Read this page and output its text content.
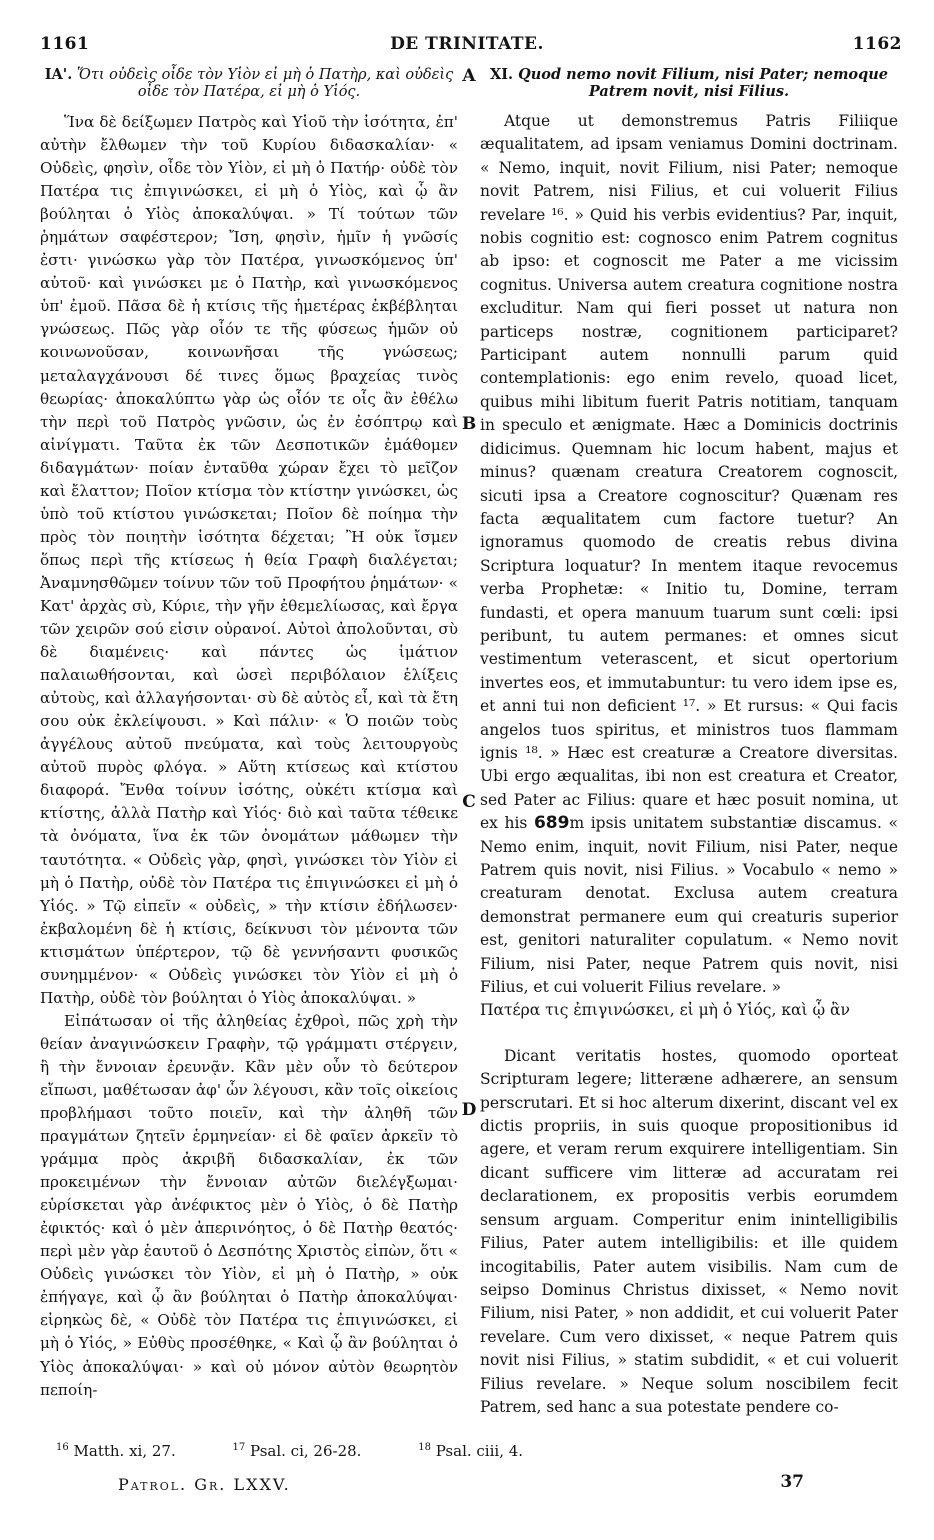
1161	DE TRINITATE.	1162
ΙΑ'. Ὅτι οὐδεὶς οἶδε τὸν Υἱὸν εἰ μὴ ὁ Πατὴρ, καὶ οὐδεὶς οἶδε τὸν Πατέρα, εἰ μὴ ὁ Υἱός.

Ἵνα δὲ δείξωμεν Πατρὸς καὶ Υἱοῦ τὴν ἰσότητα, ἐπ' αὐτὴν ἔλθωμεν τὴν τοῦ Κυρίου διδασκαλίαν· « Οὐδεὶς, φησὶν, οἶδε τὸν Υἱὸν, εἰ μὴ ὁ Πατήρ· οὐδὲ τὸν Πατέρα τις ἐπιγινώσκει, εἰ μὴ ὁ Υἱὸς, καὶ ᾧ ἂν βούληται ὁ Υἱὸς ἀποκαλύψαι. » Τί τούτων τῶν ῥημάτων σαφέστερον; Ἴση, φησὶν, ἡμῖν ἡ γνῶσίς ἐστι· γινώσκω γὰρ τὸν Πατέρα, γινωσκόμενος ὑπ' αὐτοῦ· καὶ γινώσκει με ὁ Πατὴρ, καὶ γινωσκόμενος ὑπ' ἐμοῦ. Πᾶσα δὲ ἡ κτίσις τῆς ἡμετέρας ἐκβέβληται γνώσεως. Πῶς γὰρ οἷόν τε τῆς φύσεως ἡμῶν οὐ κοινωνοῦσαν, κοινωνῆσαι τῆς γνώσεως; μεταλαγχάνουσι δέ τινες ὅμως βραχείας τινὸς θεωρίας· ἀποκαλύπτω γὰρ ὡς οἷόν τε οἷς ἂν ἐθέλω τὴν περὶ τοῦ Πατρὸς γνῶσιν, ὡς ἐν ἐσόπτρῳ καὶ αἰνίγματι. Ταῦτα ἐκ τῶν Δεσποτικῶν ἐμάθομεν διδαγμάτων· ποίαν ἐνταῦθα χώραν ἔχει τὸ μεῖζον καὶ ἔλαττον; Ποῖον κτίσμα τὸν κτίστην γινώσκει, ὡς ὑπὸ τοῦ κτίστου γινώσκεται; Ποῖον δὲ ποίημα τὴν πρὸς τὸν ποιητὴν ἰσότητα δέχεται; Ἢ οὐκ ἴσμεν ὅπως περὶ τῆς κτίσεως ἡ θεία Γραφὴ διαλέγεται; Ἀναμνησθῶμεν τοίνυν τῶν τοῦ Προφήτου ῥημάτων· « Κατ' ἀρχὰς σὺ, Κύριε, τὴν γῆν ἐθεμελίωσας, καὶ ἔργα τῶν χειρῶν σού εἰσιν οὐρανοί. Αὐτοὶ ἀπολοῦνται, σὺ δὲ διαμένεις· καὶ πάντες ὡς ἱμάτιον παλαιωθήσονται, καὶ ὡσεὶ περιβόλαιον ἑλίξεις αὐτοὺς, καὶ ἀλλαγήσονται· σὺ δὲ αὐτὸς εἶ, καὶ τὰ ἔτη σου οὐκ ἐκλείψουσι. » Καὶ πάλιν· « Ὁ ποιῶν τοὺς ἀγγέλους αὐτοῦ πνεύματα, καὶ τοὺς λειτουργοὺς αὐτοῦ πυρὸς φλόγα. » Αὕτη κτίσεως καὶ κτίστου διαφορά. Ἔνθα τοίνυν ἰσότης, οὐκέτι κτίσμα καὶ κτίστης, ἀλλὰ Πατὴρ καὶ Υἱός· διὸ καὶ ταῦτα τέθεικε τὰ ὀνόματα, ἵνα ἐκ τῶν ὀνομάτων μάθωμεν τὴν ταυτότητα. « Οὐδεὶς γὰρ, φησὶ, γινώσκει τὸν Υἱὸν εἰ μὴ ὁ Πατὴρ, οὐδὲ τὸν Πατέρα τις ἐπιγινώσκει εἰ μὴ ὁ Υἱός. » Τῷ εἰπεῖν « οὐδεὶς, » τὴν κτίσιν ἐδήλωσεν· ἐκβαλομένη δὲ ἡ κτίσις, δείκνυσι τὸν μένοντα τῶν κτισμάτων ὑπέρτερον, τῷ δὲ γεννήσαντι φυσικῶς συνημμένον· « Οὐδεὶς γινώσκει τὸν Υἱὸν εἰ μὴ ὁ Πατὴρ, οὐδὲ τὸν βούληται ὁ Υἱὸς ἀποκαλύψαι. »

Εἰπάτωσαν οἱ τῆς ἀληθείας ἐχθροὶ, πῶς χρὴ τὴν θείαν ἀναγινώσκειν Γραφὴν, τῷ γράμματι στέργειν, ἢ τὴν ἔννοιαν ἐρευνᾷν. Κἂν μὲν οὖν τὸ δεύτερον εἴπωσι, μαθέτωσαν ἀφ' ὧν λέγουσι, κἂν τοῖς οἰκείοις προβλήμασι τοῦτο ποιεῖν, καὶ τὴν ἀληθῆ τῶν πραγμάτων ζητεῖν ἑρμηνείαν· εἰ δὲ φαῖεν ἀρκεῖν τὸ γράμμα πρὸς ἀκριβῆ διδασκαλίαν, ἐκ τῶν προκειμένων τὴν ἔννοιαν αὐτῶν διελέγξωμαι· εὑρίσκεται γὰρ ἀνέφικτος μὲν ὁ Υἱὸς, ὁ δὲ Πατὴρ ἐφικτός· καὶ ὁ μὲν ἀπερινόητος, ὁ δὲ Πατὴρ θεατός· περὶ μὲν γὰρ ἑαυτοῦ ὁ Δεσπότης Χριστὸς εἰπὼν, ὅτι « Οὐδεὶς γινώσκει τὸν Υἱὸν, εἰ μὴ ὁ Πατὴρ, » οὐκ ἐπήγαγε, καὶ ᾧ ἂν βούληται ὁ Πατὴρ ἀποκαλύψαι· εἰρηκὼς δὲ, « Οὐδὲ τὸν Πατέρα τις ἐπιγινώσκει, εἰ μὴ ὁ Υἱός, » Εὐθὺς προσέθηκε, « Καὶ ᾧ ἂν βούληται ὁ Υἱὸς ἀποκαλύψαι· » καὶ οὐ μόνον αὐτὸν θεωρητὸν πεποίη-

A
B
C
D
XI. Quod nemo novit Filium, nisi Pater; nemoque Patrem novit, nisi Filius.

Atque ut demonstremus Patris Filiique æqualitatem, ad ipsam veniamus Domini doctrinam. « Nemo, inquit, novit Filium, nisi Pater; nemoque novit Patrem, nisi Filius, et cui voluerit Filius revelare ¹⁶. » Quid his verbis evidentius? Par, inquit, nobis cognitio est: cognosco enim Patrem cognitus ab ipso: et cognoscit me Pater a me vicissim cognitus. Universa autem creatura cognitione nostra excluditur. Nam qui fieri posset ut natura non particeps nostræ, cognitionem participaret? Participant autem nonnulli parum quid contemplationis: ego enim revelo, quoad licet, quibus mihi libitum fuerit Patris notitiam, tanquam in speculo et ænigmate. Hæc a Dominicis doctrinis didicimus. Quemnam hic locum habent, majus et minus? quænam creatura Creatorem cognoscit, sicuti ipsa a Creatore cognoscitur? Quænam res facta æqualitatem cum factore tuetur? An ignoramus quomodo de creatis rebus divina Scriptura loquatur? In mentem itaque revocemus verba Prophetæ: « Initio tu, Domine, terram fundasti, et opera manuum tuarum sunt cœli: ipsi peribunt, tu autem permanes: et omnes sicut vestimentum veterascent, et sicut opertorium invertes eos, et immutabuntur: tu vero idem ipse es, et anni tui non deficient ¹⁷. » Et rursus: « Qui facis angelos tuos spiritus, et ministros tuos flammam ignis ¹⁸. » Hæc est creaturæ a Creatore diversitas. Ubi ergo æqualitas, ibi non est creatura et Creator, sed Pater ac Filius: quare et hæc posuit nomina, ut ex his 689m ipsis unitatem substantiæ discamus. « Nemo enim, inquit, novit Filium, nisi Pater, neque Patrem quis novit, nisi Filius. » Vocabulo « nemo » creaturam denotat. Exclusa autem creatura demonstrat permanere eum qui creaturis superior est, genitori naturaliter copulatum. « Nemo novit Filium, nisi Pater, neque Patrem quis novit, nisi Filius, et cui voluerit Filius revelare. »

Πατέρα τις ἐπιγινώσκει, εἰ μὴ ὁ Υἱός, καὶ ᾧ ἂν

Dicant veritatis hostes, quomodo oporteat Scripturam legere; litteræne adhærere, an sensum perscrutari. Et si hoc alterum dixerint, discant vel ex dictis propriis, in suis quoque propositionibus id agere, et veram rerum exquirere intelligentiam. Sin dicant sufficere vim litteræ ad accuratam rei declarationem, ex propositis verbis eorumdem sensum arguam. Comperitur enim inintelligibilis Filius, Pater autem intelligibilis: et ille quidem incogitabilis, Pater autem visibilis. Nam cum de seipso Dominus Christus dixisset, « Nemo novit Filium, nisi Pater, » non addidit, et cui voluerit Pater revelare. Cum vero dixisset, « neque Patrem quis novit nisi Filius, » statim subdidit, « et cui voluerit Filius revelare. » Neque solum noscibilem fecit Patrem, sed hanc a sua potestate pendere co-

$^{16}$ Matth. xi, 27.	$^{17}$ Psal. ci, 26-28.	$^{18}$ Psal. ciii, 4.
Patrol. Gr. LXXV.	37
